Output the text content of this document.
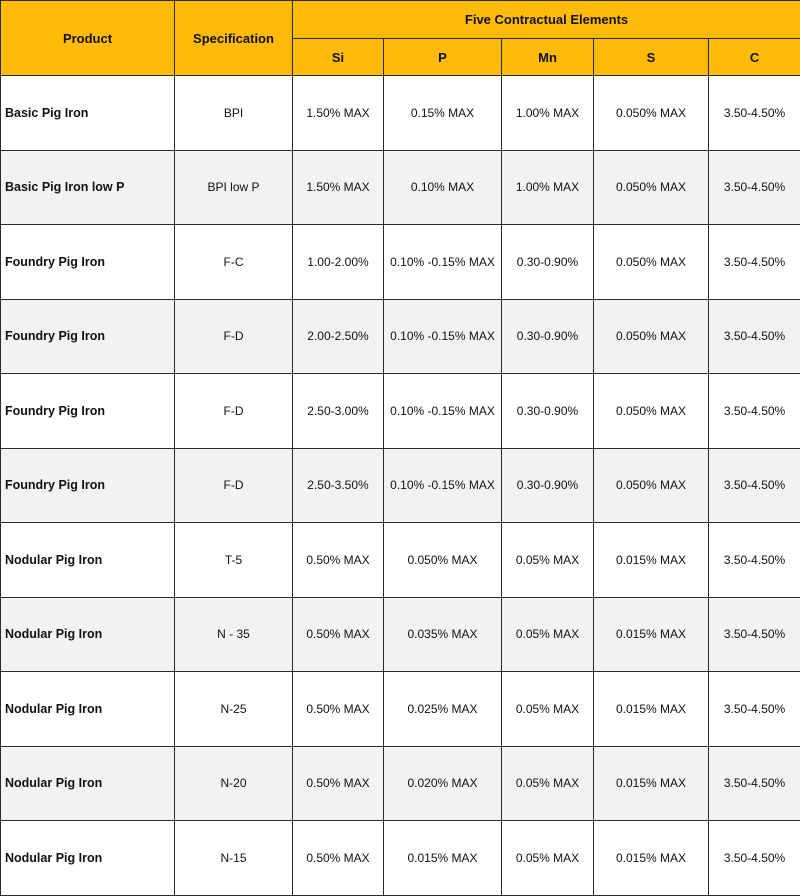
Product	Specification	Five Contractual Elements				
		Si	P	Mn	S	C
Basic Pig Iron	BPI	1.50% MAX	0.15% MAX	1.00% MAX	0.050% MAX	3.50-4.50%
Basic Pig Iron low P	BPI low P	1.50% MAX	0.10% MAX	1.00% MAX	0.050% MAX	3.50-4.50%
Foundry Pig Iron	F-C	1.00-2.00%	0.10% -0.15% MAX	0.30-0.90%	0.050% MAX	3.50-4.50%
Foundry Pig Iron	F-D	2.00-2.50%	0.10% -0.15% MAX	0.30-0.90%	0.050% MAX	3.50-4.50%
Foundry Pig Iron	F-D	2.50-3.00%	0.10% -0.15% MAX	0.30-0.90%	0.050% MAX	3.50-4.50%
Foundry Pig Iron	F-D	2.50-3.50%	0.10% -0.15% MAX	0.30-0.90%	0.050% MAX	3.50-4.50%
Nodular Pig Iron	T-5	0.50% MAX	0.050% MAX	0.05% MAX	0.015% MAX	3.50-4.50%
Nodular Pig Iron	N - 35	0.50% MAX	0.035% MAX	0.05% MAX	0.015% MAX	3.50-4.50%
Nodular Pig Iron	N-25	0.50% MAX	0.025% MAX	0.05% MAX	0.015% MAX	3.50-4.50%
Nodular Pig Iron	N-20	0.50% MAX	0.020% MAX	0.05% MAX	0.015% MAX	3.50-4.50%
Nodular Pig Iron	N-15	0.50% MAX	0.015% MAX	0.05% MAX	0.015% MAX	3.50-4.50%
